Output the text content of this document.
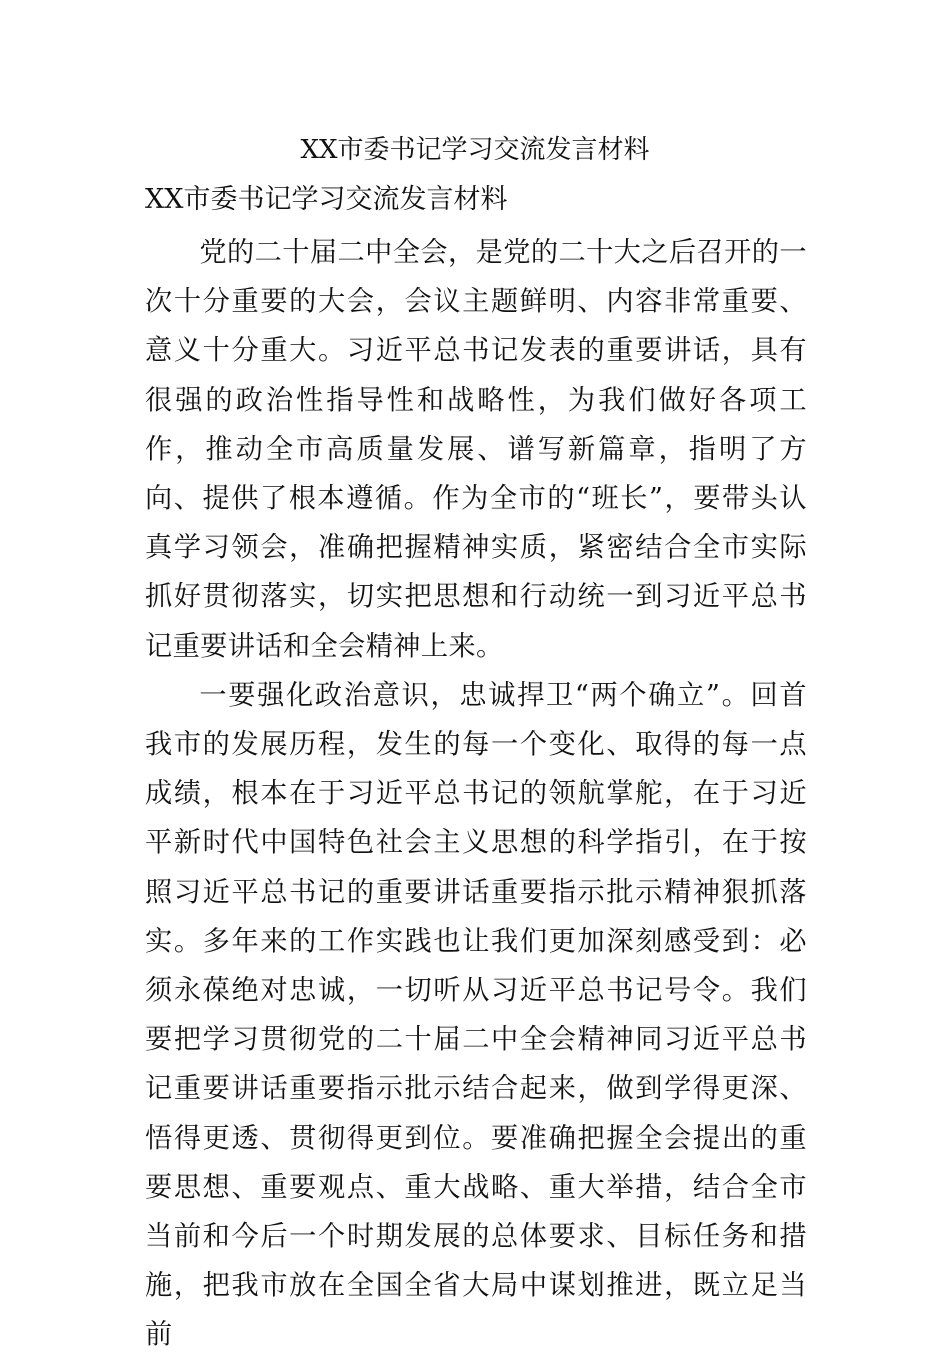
XX市委书记学习交流发言材料
XX市委书记学习交流发言材料

党的二十届二中全会，是党的二十大之后召开的一次十分重要的大会，会议主题鲜明、内容非常重要、意义十分重大。习近平总书记发表的重要讲话，具有很强的政治性指导性和战略性，为我们做好各项工作，推动全市高质量发展、谱写新篇章，指明了方向、提供了根本遵循。作为全市的“班长”，要带头认真学习领会，准确把握精神实质，紧密结合全市实际抓好贯彻落实，切实把思想和行动统一到习近平总书记重要讲话和全会精神上来。

一要强化政治意识，忠诚捍卫“两个确立”。回首我市的发展历程，发生的每一个变化、取得的每一点成绩，根本在于习近平总书记的领航掌舵，在于习近平新时代中国特色社会主义思想的科学指引，在于按照习近平总书记的重要讲话重要指示批示精神狠抓落实。多年来的工作实践也让我们更加深刻感受到：必须永葆绝对忠诚，一切听从习近平总书记号令。我们要把学习贯彻党的二十届二中全会精神同习近平总书记重要讲话重要指示批示结合起来，做到学得更深、悟得更透、贯彻得更到位。要准确把握全会提出的重要思想、重要观点、重大战略、重大举措，结合全市当前和今后一个时期发展的总体要求、目标任务和措施，把我市放在全国全省大局中谋划推进，既立足当前
